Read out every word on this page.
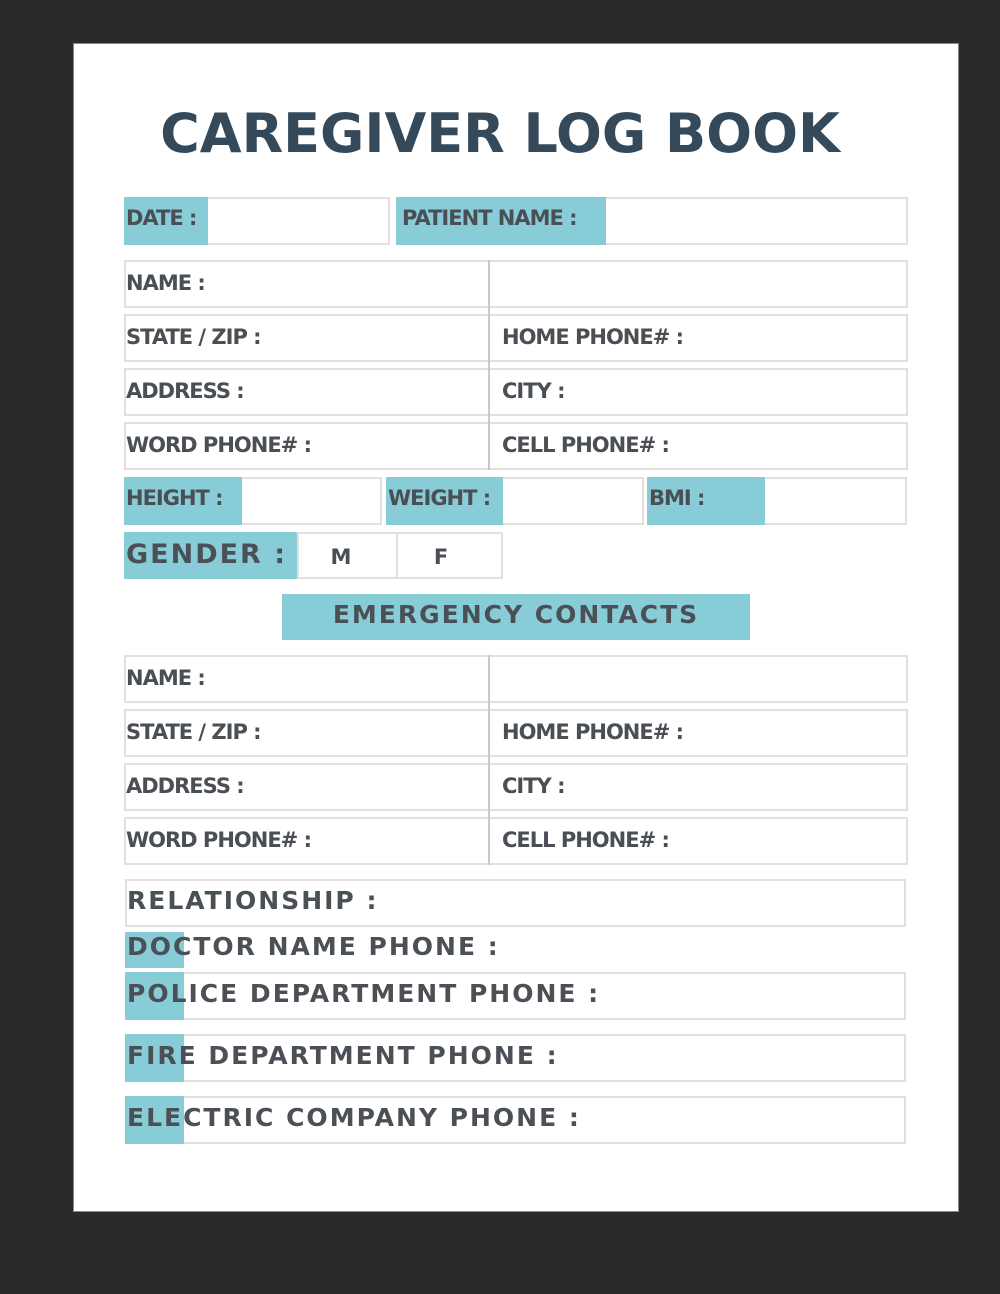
CAREGIVER LOG BOOK
DATE :	PATIENT NAME :
NAME :
STATE / ZIP :	HOME PHONE# :
ADDRESS :	CITY :
WORD PHONE# :	CELL PHONE# :
HEIGHT :	WEIGHT :	BMI :
GENDER :	M	F
EMERGENCY CONTACTS
NAME :
STATE / ZIP :	HOME PHONE# :
ADDRESS :	CITY :
WORD PHONE# :	CELL PHONE# :
RELATIONSHIP :
DOCTOR NAME PHONE :
POLICE DEPARTMENT PHONE :
FIRE DEPARTMENT PHONE :
ELECTRIC COMPANY PHONE :
